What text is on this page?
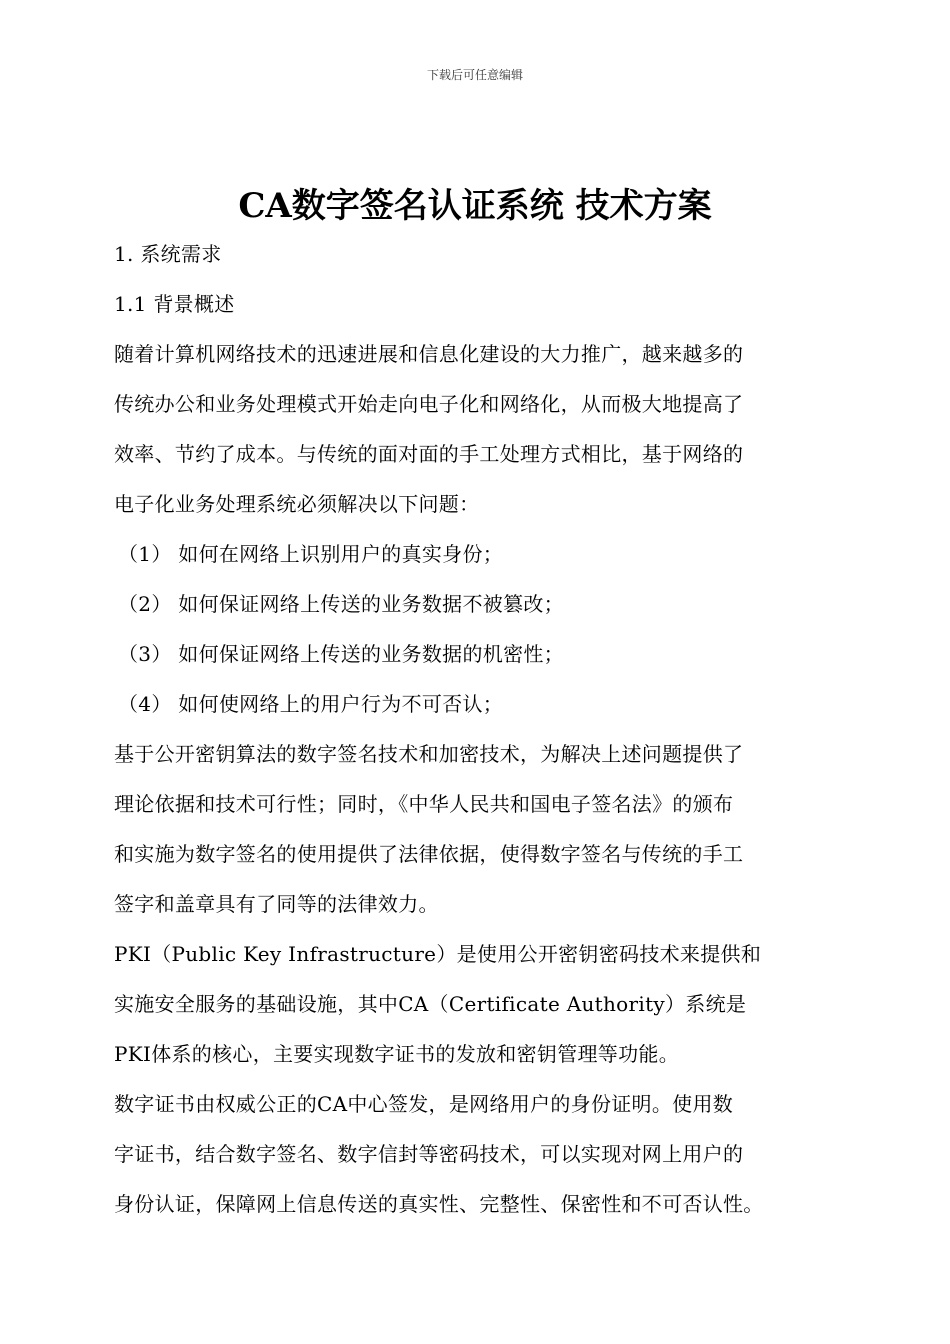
下载后可任意编辑
CA数字签名认证系统 技术方案
1. 系统需求
1.1 背景概述
随着计算机网络技术的迅速进展和信息化建设的大力推广，越来越多的
传统办公和业务处理模式开始走向电子化和网络化，从而极大地提高了
效率、节约了成本。与传统的面对面的手工处理方式相比，基于网络的
电子化业务处理系统必须解决以下问题：
（1） 如何在网络上识别用户的真实身份；
（2） 如何保证网络上传送的业务数据不被篡改；
（3） 如何保证网络上传送的业务数据的机密性；
（4） 如何使网络上的用户行为不可否认；
基于公开密钥算法的数字签名技术和加密技术，为解决上述问题提供了
理论依据和技术可行性；同时，《中华人民共和国电子签名法》的颁布
和实施为数字签名的使用提供了法律依据，使得数字签名与传统的手工
签字和盖章具有了同等的法律效力。
PKI（Public Key Infrastructure）是使用公开密钥密码技术来提供和
实施安全服务的基础设施，其中CA（Certificate Authority）系统是
PKI体系的核心，主要实现数字证书的发放和密钥管理等功能。
数字证书由权威公正的CA中心签发，是网络用户的身份证明。使用数
字证书，结合数字签名、数字信封等密码技术，可以实现对网上用户的
身份认证，保障网上信息传送的真实性、完整性、保密性和不可否认性。
